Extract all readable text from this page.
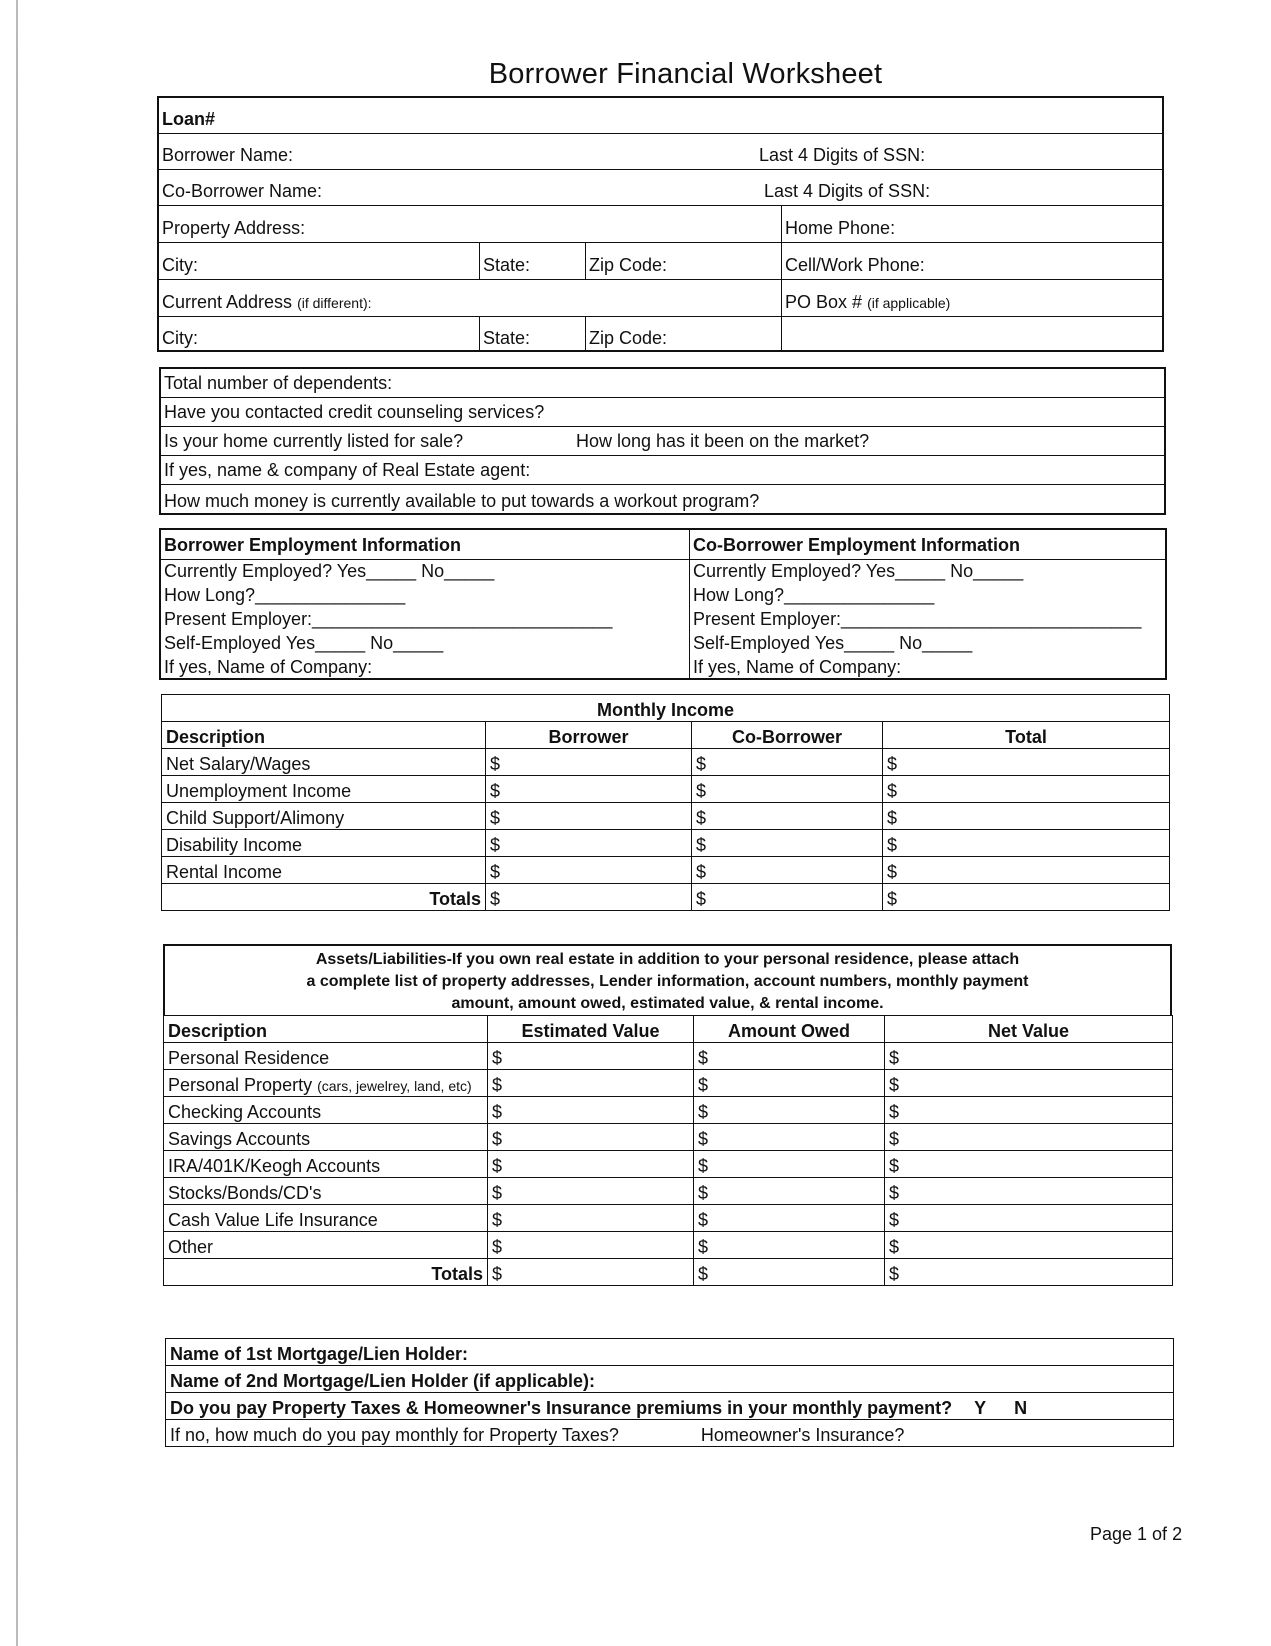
Borrower Financial Worksheet
Loan#
Borrower Name:	Last 4 Digits of SSN:
Co-Borrower Name:	Last 4 Digits of SSN:
Property Address:	Home Phone:
City:	State:	Zip Code:	Cell/Work Phone:
Current Address (if different):	PO Box # (if applicable)
City:	State:	Zip Code:
Total number of dependents:
Have you contacted credit counseling services?
Is your home currently listed for sale?	How long has it been on the market?
If yes, name & company of Real Estate agent:
How much money is currently available to put towards a workout program?
Borrower Employment Information
Currently Employed? Yes_____ No_____
How Long?_______________
Present Employer:______________________________
Self-Employed Yes_____ No_____
If yes, Name of Company:
Co-Borrower Employment Information
Currently Employed? Yes_____ No_____
How Long?_______________
Present Employer:______________________________
Self-Employed Yes_____ No_____
If yes, Name of Company:
Monthly Income			
Description	Borrower	Co-Borrower	Total
Net Salary/Wages	$	$	$
Unemployment Income	$	$	$
Child Support/Alimony	$	$	$
Disability Income	$	$	$
Rental Income	$	$	$
Totals	$	$	$
Assets/Liabilities-If you own real estate in addition to your personal residence, please attach
a complete list of property addresses, Lender information, account numbers, monthly payment
amount, amount owed, estimated value, & rental income.
Description	Estimated Value	Amount Owed	Net Value
Personal Residence	$	$	$
Personal Property (cars, jewelrey, land, etc)	$	$	$
Checking Accounts	$	$	$
Savings Accounts	$	$	$
IRA/401K/Keogh Accounts	$	$	$
Stocks/Bonds/CD's	$	$	$
Cash Value Life Insurance	$	$	$
Other	$	$	$
Totals	$	$	$
Name of 1st Mortgage/Lien Holder:
Name of 2nd Mortgage/Lien Holder (if applicable):
Do you pay Property Taxes & Homeowner's Insurance premiums in your monthly payment? Y N
If no, how much do you pay monthly for Property Taxes?	Homeowner's Insurance?
Page 1 of 2
